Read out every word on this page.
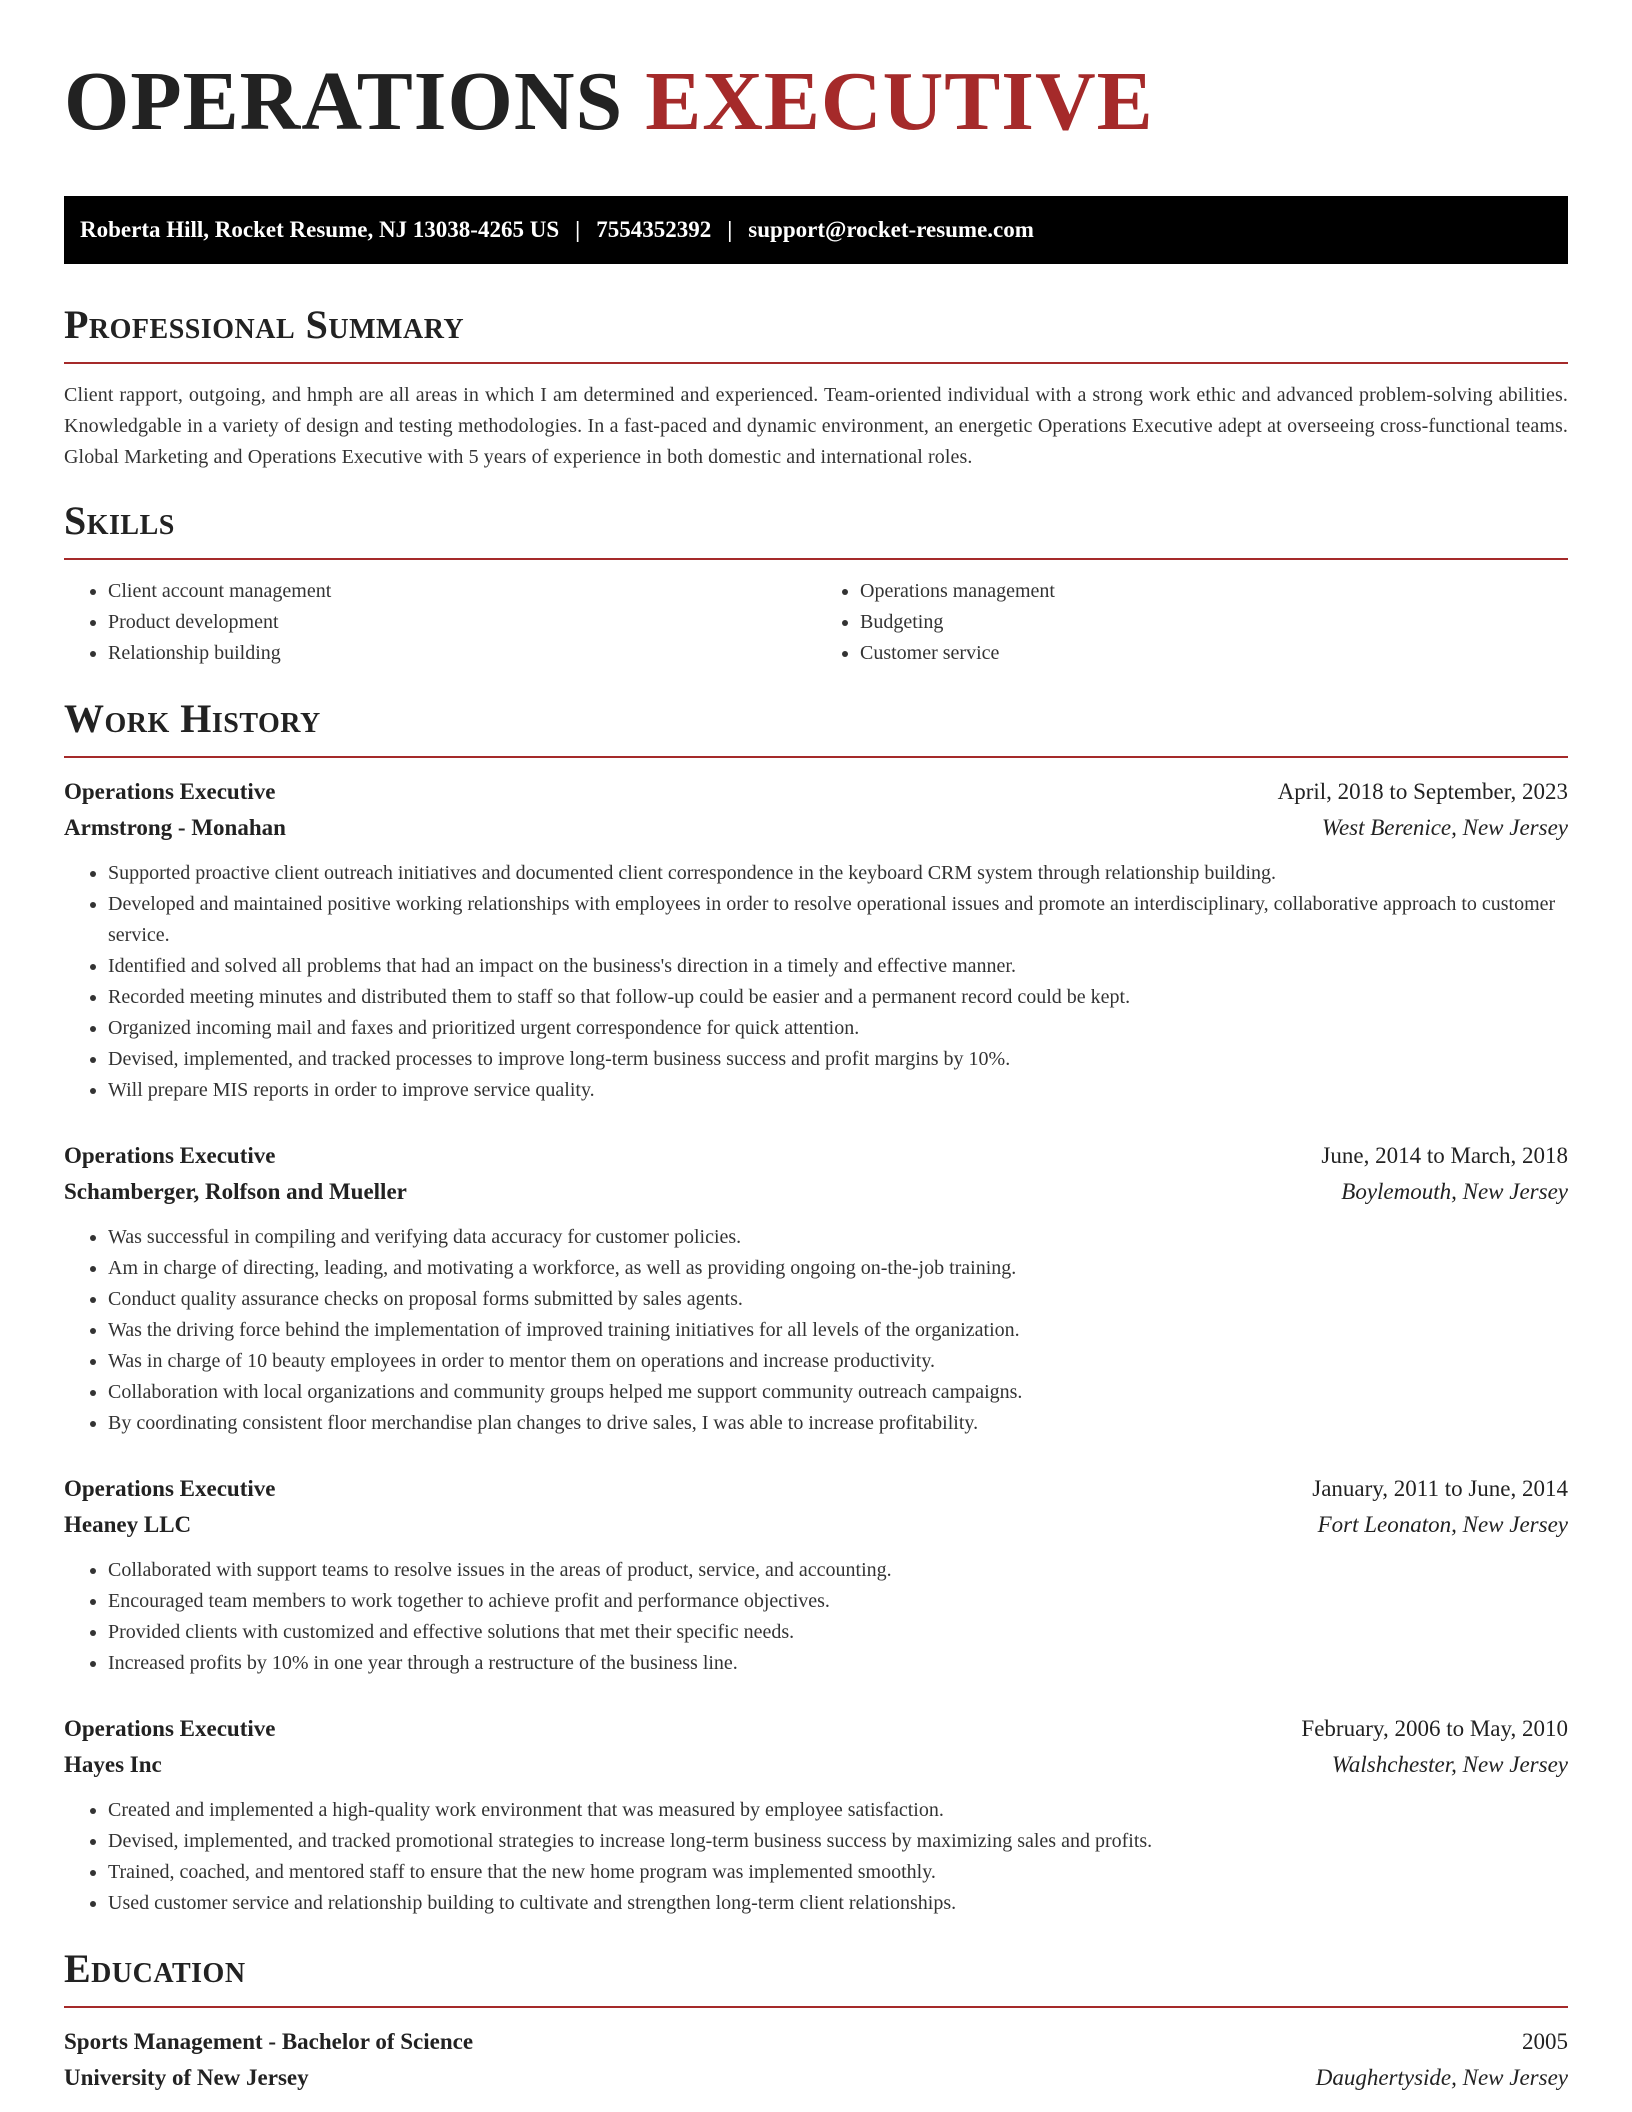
OPERATIONS EXECUTIVE
Roberta Hill, Rocket Resume, NJ 13038-4265 US | 7554352392 | support@rocket-resume.com
Professional Summary

Client rapport, outgoing, and hmph are all areas in which I am determined and experienced. Team-oriented individual with a strong work ethic and advanced problem-solving abilities. Knowledgable in a variety of design and testing methodologies. In a fast-paced and dynamic environment, an energetic Operations Executive adept at overseeing cross-functional teams. Global Marketing and Operations Executive with 5 years of experience in both domestic and international roles.

Skills
• Client account management
• Product development
• Relationship building
• Operations management
• Budgeting
• Customer service
Work History
Operations Executive	April, 2018 to September, 2023
Armstrong - Monahan	West Berenice, New Jersey
• Supported proactive client outreach initiatives and documented client correspondence in the keyboard CRM system through relationship building.
• Developed and maintained positive working relationships with employees in order to resolve operational issues and promote an interdisciplinary, collaborative approach to customer service.
• Identified and solved all problems that had an impact on the business's direction in a timely and effective manner.
• Recorded meeting minutes and distributed them to staff so that follow-up could be easier and a permanent record could be kept.
• Organized incoming mail and faxes and prioritized urgent correspondence for quick attention.
• Devised, implemented, and tracked processes to improve long-term business success and profit margins by 10%.
• Will prepare MIS reports in order to improve service quality.
Operations Executive	June, 2014 to March, 2018
Schamberger, Rolfson and Mueller	Boylemouth, New Jersey
• Was successful in compiling and verifying data accuracy for customer policies.
• Am in charge of directing, leading, and motivating a workforce, as well as providing ongoing on-the-job training.
• Conduct quality assurance checks on proposal forms submitted by sales agents.
• Was the driving force behind the implementation of improved training initiatives for all levels of the organization.
• Was in charge of 10 beauty employees in order to mentor them on operations and increase productivity.
• Collaboration with local organizations and community groups helped me support community outreach campaigns.
• By coordinating consistent floor merchandise plan changes to drive sales, I was able to increase profitability.
Operations Executive	January, 2011 to June, 2014
Heaney LLC	Fort Leonaton, New Jersey
• Collaborated with support teams to resolve issues in the areas of product, service, and accounting.
• Encouraged team members to work together to achieve profit and performance objectives.
• Provided clients with customized and effective solutions that met their specific needs.
• Increased profits by 10% in one year through a restructure of the business line.
Operations Executive	February, 2006 to May, 2010
Hayes Inc	Walshchester, New Jersey
• Created and implemented a high-quality work environment that was measured by employee satisfaction.
• Devised, implemented, and tracked promotional strategies to increase long-term business success by maximizing sales and profits.
• Trained, coached, and mentored staff to ensure that the new home program was implemented smoothly.
• Used customer service and relationship building to cultivate and strengthen long-term client relationships.
Education
Sports Management - Bachelor of Science	2005
University of New Jersey	Daughertyside, New Jersey
